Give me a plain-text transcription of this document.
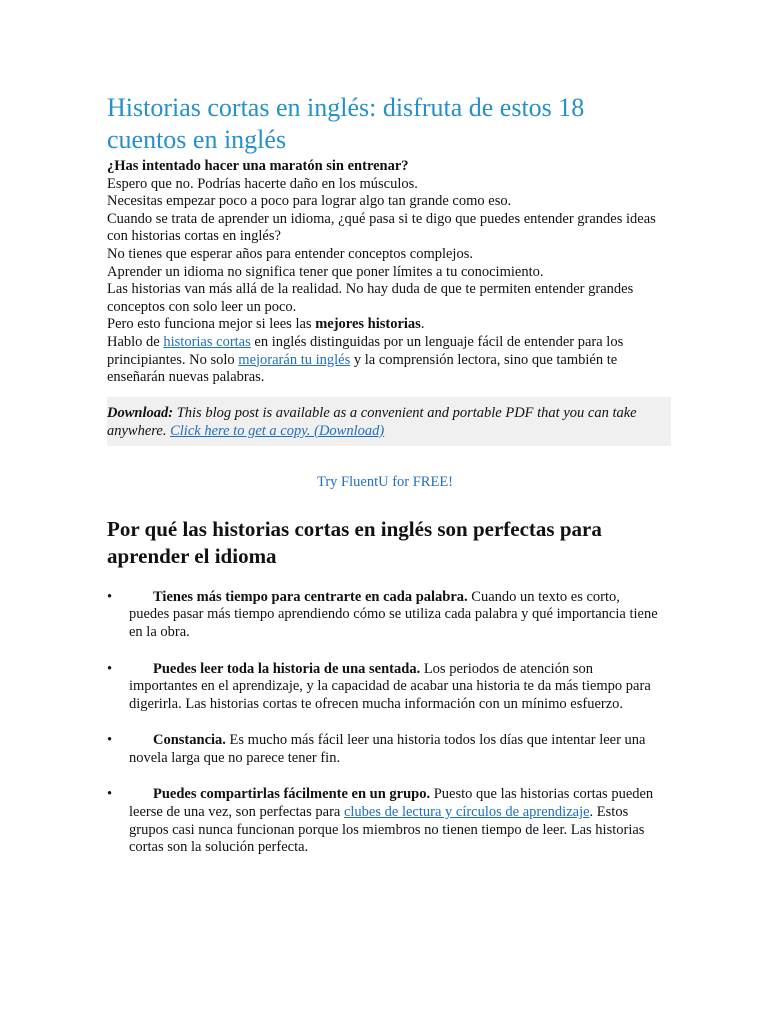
Historias cortas en inglés: disfruta de estos 18 cuentos en inglés

¿Has intentado hacer una maratón sin entrenar?

Espero que no. Podrías hacerte daño en los músculos.

Necesitas empezar poco a poco para lograr algo tan grande como eso.

Cuando se trata de aprender un idioma, ¿qué pasa si te digo que puedes entender grandes ideas con historias cortas en inglés?

No tienes que esperar años para entender conceptos complejos.

Aprender un idioma no significa tener que poner límites a tu conocimiento.

Las historias van más allá de la realidad. No hay duda de que te permiten entender grandes conceptos con solo leer un poco.

Pero esto funciona mejor si lees las mejores historias.

Hablo de historias cortas en inglés distinguidas por un lenguaje fácil de entender para los principiantes. No solo mejorarán tu inglés y la comprensión lectora, sino que también te enseñarán nuevas palabras.

Download: This blog post is available as a convenient and portable PDF that you can take anywhere. Click here to get a copy. (Download)
Try FluentU for FREE!
Por qué las historias cortas en inglés son perfectas para aprender el idioma
•	Tienes más tiempo para centrarte en cada palabra. Cuando un texto es corto, puedes pasar más tiempo aprendiendo cómo se utiliza cada palabra y qué importancia tiene en la obra.
•	Puedes leer toda la historia de una sentada. Los periodos de atención son importantes en el aprendizaje, y la capacidad de acabar una historia te da más tiempo para digerirla. Las historias cortas te ofrecen mucha información con un mínimo esfuerzo.
•	Constancia. Es mucho más fácil leer una historia todos los días que intentar leer una novela larga que no parece tener fin.
•	Puedes compartirlas fácilmente en un grupo. Puesto que las historias cortas pueden leerse de una vez, son perfectas para clubes de lectura y círculos de aprendizaje. Estos grupos casi nunca funcionan porque los miembros no tienen tiempo de leer. Las historias cortas son la solución perfecta.
